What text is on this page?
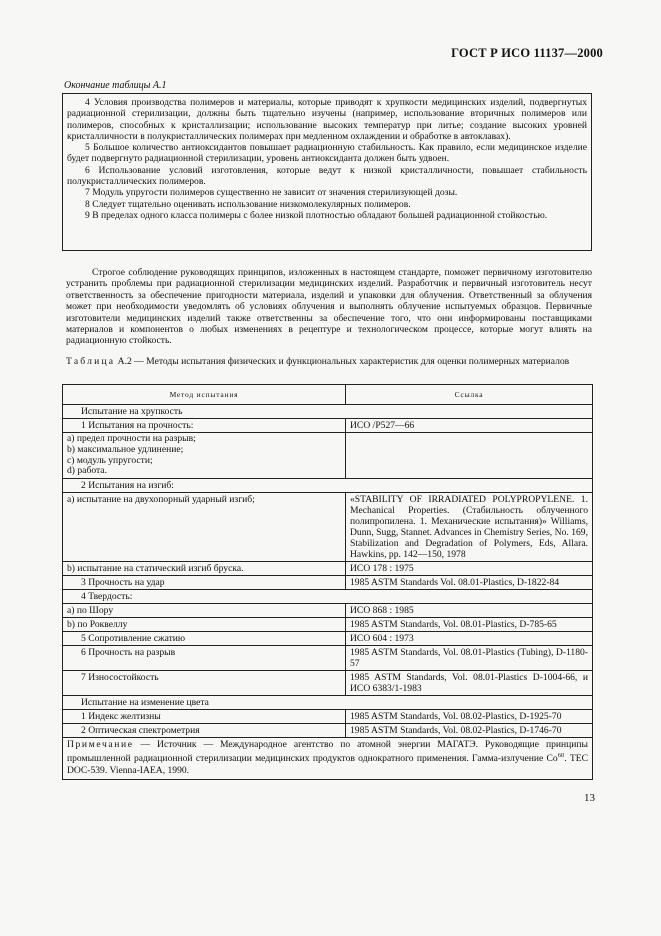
ГОСТ Р ИСО 11137—2000
Окончание таблицы А.1

4 Условия производства полимеров и материалы, которые приводят к хрупкости медицинских изделий, подвергнутых радиационной стерилизации, должны быть тщательно изучены (например, использование вторичных полимеров или полимеров, способных к кристаллизации; использование высоких температур при литье; создание высоких уровней кристалличности в полукристаллических полимерах при медленном охлаждении и обработке в автоклавах).

5 Большое количество антиоксидантов повышает радиационную стабильность. Как правило, если медицинское изделие будет подвергнуто радиационной стерилизации, уровень антиоксиданта должен быть удвоен.

6 Использование условий изготовления, которые ведут к низкой кристалличности, повышает стабильность полукристаллических полимеров.

7 Модуль упругости полимеров существенно не зависит от значения стерилизующей дозы.

8 Следует тщательно оценивать использование низкомолекулярных полимеров.

9 В пределах одного класса полимеры с более низкой плотностью обладают большей радиационной стойкостью.

Строгое соблюдение руководящих принципов, изложенных в настоящем стандарте, поможет первичному изготовителю устранить проблемы при радиационной стерилизации медицинских изделий. Разработчик и первичный изготовитель несут ответственность за обеспечение пригодности материала, изделий и упаковки для облучения. Ответственный за облучения может при необходимости уведомлять об условиях облучения и выполнять облучение испытуемых образцов. Первичные изготовители медицинских изделий также ответственны за обеспечение того, что они информированы поставщиками материалов и компонентов о любых изменениях в рецептуре и технологическом процессе, которые могут влиять на радиационную стойкость.

Таблица А.2 — Методы испытания физических и функциональных характеристик для оценки полимерных материалов

Метод испытания	Ссылка
Испытание на хрупкость	
1 Испытания на прочность:	ИСО /Р527—66

а) предел прочности на разрыв;
b) максимальное удлинение;
с) модуль упругости;
d) работа.	

2 Испытания на изгиб:	
а) испытание на двухопорный ударный изгиб;	«STABILITY OF IRRADIATED POLYPROPYLENE. 1. Mechanical Properties. (Стабильность облученного полипропилена. 1. Механические испытания)» Williams, Dunn, Sugg, Stannet. Advances in Chemistry Series, No. 169, Stabilization and Degradation of Polymers, Eds, Allara. Hawkins, pp. 142—150, 1978
b) испытание на статический изгиб бруска.	ИСО 178 : 1975
3 Прочность на удар	1985 ASTM Standards Vol. 08.01-Plastics, D-1822-84
4 Твердость:	
а) по Шору	ИСО 868 : 1985
b) по Роквеллу	1985 ASTM Standards, Vol. 08.01-Plastics, D-785-65
5 Сопротивление сжатию	ИСО 604 : 1973
6 Прочность на разрыв	1985 ASTM Standards, Vol. 08.01-Plastics (Tubing), D-1180-57
7 Износостойкость	1985 ASTM Standards, Vol. 08.01-Plastics D-1004-66, и ИСО 6383/1-1983
Испытание на изменение цвета	
1 Индекс желтизны	1985 ASTM Standards, Vol. 08.02-Plastics, D-1925-70
2 Оптическая спектрометрия	1985 ASTM Standards, Vol. 08.02-Plastics, D-1746-70
Примечание — Источник — Международное агентство по атомной энергии МАГАТЭ. Руководящие принципы промышленной радиационной стерилизации медицинских продуктов однократного применения. Гамма-излучение $Со^{60}$. TEC DOC-539. Vienna-IAEA, 1990.
13
